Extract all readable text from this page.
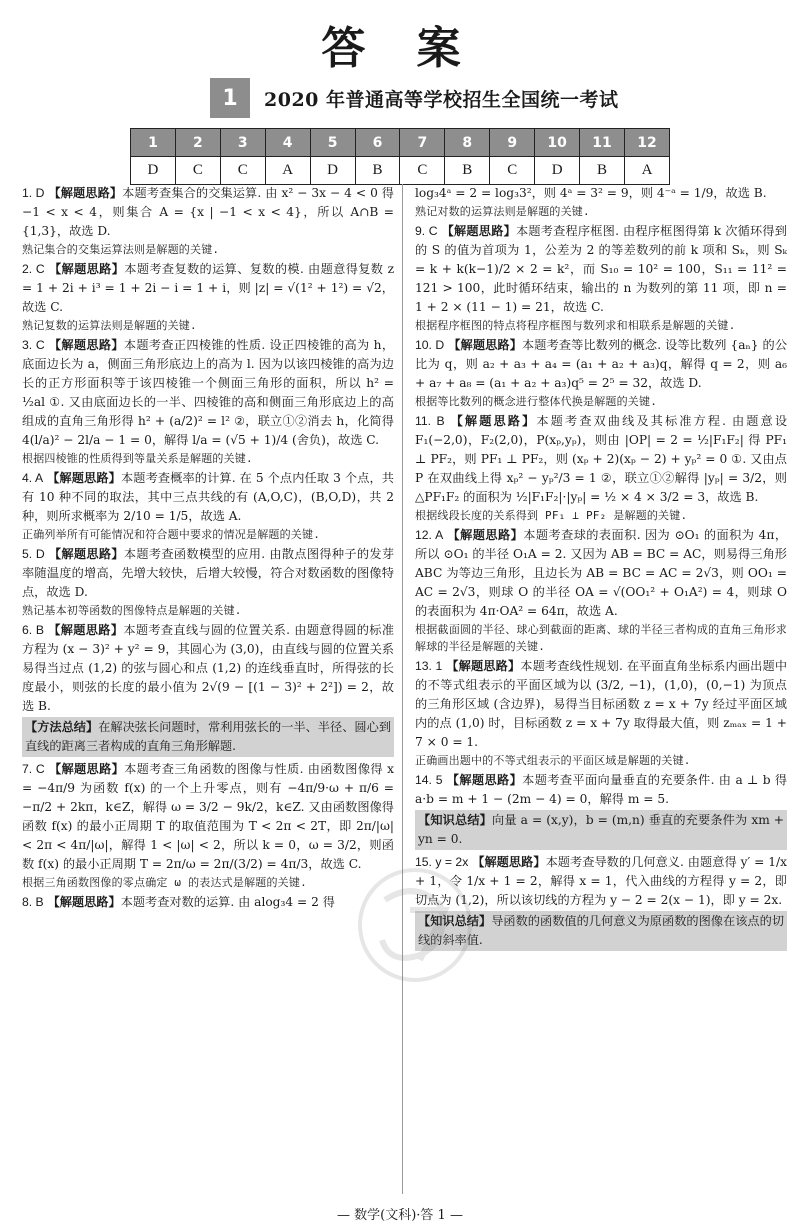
答 案
1	2020 年普通高等学校招生全国统一考试
1	2	3	4	5	6	7	8	9	10	11	12
D	C	C	A	D	B	C	B	C	D	B	A
1. D 【解题思路】本题考查集合的交集运算. 由 x² − 3x − 4 < 0 得 −1 < x < 4，则集合 A = {x | −1 < x < 4}，所以 A∩B = {1,3}，故选 D.
熟记集合的交集运算法则是解题的关键.
2. C 【解题思路】本题考查复数的运算、复数的模. 由题意得复数 z = 1 + 2i + i³ = 1 + 2i − i = 1 + i，则 |z| = √(1² + 1²) = √2，故选 C.
熟记复数的运算法则是解题的关键.
3. C 【解题思路】本题考查正四棱锥的性质. 设正四棱锥的高为 h，底面边长为 a，侧面三角形底边上的高为 l. 因为以该四棱锥的高为边长的正方形面积等于该四棱锥一个侧面三角形的面积，所以 h² = ½al ①. 又由底面边长的一半、四棱锥的高和侧面三角形底边上的高组成的直角三角形得 h² + (a/2)² = l² ②，联立①②消去 h，化简得 4(l/a)² − 2l/a − 1 = 0，解得 l/a = (√5 + 1)/4 (舍负)，故选 C.
根据四棱锥的性质得到等量关系是解题的关键.
4. A 【解题思路】本题考查概率的计算. 在 5 个点内任取 3 个点，共有 10 种不同的取法，其中三点共线的有 (A,O,C)，(B,O,D)，共 2 种，则所求概率为 2/10 = 1/5，故选 A.
正确列举所有可能情况和符合题中要求的情况是解题的关键.
5. D 【解题思路】本题考查函数模型的应用. 由散点图得种子的发芽率随温度的增高，先增大较快，后增大较慢，符合对数函数的图像特点，故选 D.
熟记基本初等函数的图像特点是解题的关键.
6. B 【解题思路】本题考查直线与圆的位置关系. 由题意得圆的标准方程为 (x − 3)² + y² = 9，其圆心为 (3,0)，由直线与圆的位置关系易得当过点 (1,2) 的弦与圆心和点 (1,2) 的连线垂直时，所得弦的长度最小，则弦的长度的最小值为 2√(9 − [(1 − 3)² + 2²]) = 2，故选 B.
【方法总结】在解决弦长问题时，常利用弦长的一半、半径、圆心到直线的距离三者构成的直角三角形解题.
7. C 【解题思路】本题考查三角函数的图像与性质. 由函数图像得 x = −4π/9 为函数 f(x) 的一个上升零点，则有 −4π/9·ω + π/6 = −π/2 + 2kπ，k∈Z，解得 ω = 3/2 − 9k/2，k∈Z. 又由函数图像得函数 f(x) 的最小正周期 T 的取值范围为 T < 2π < 2T，即 2π/|ω| < 2π < 4π/|ω|，解得 1 < |ω| < 2，所以 k = 0，ω = 3/2，则函数 f(x) 的最小正周期 T = 2π/ω = 2π/(3/2) = 4π/3，故选 C.
根据三角函数图像的零点确定 ω 的表达式是解题的关键.
8. B 【解题思路】本题考查对数的运算. 由 alog₃4 = 2 得
log₃4ᵃ = 2 = log₃3²，则 4ᵃ = 3² = 9，则 4⁻ᵃ = 1/9，故选 B.
熟记对数的运算法则是解题的关键.
9. C 【解题思路】本题考查程序框图. 由程序框图得第 k 次循环得到的 S 的值为首项为 1，公差为 2 的等差数列的前 k 项和 Sₖ，则 Sₖ = k + k(k−1)/2 × 2 = k²，而 S₁₀ = 10² = 100，S₁₁ = 11² = 121 > 100，此时循环结束，输出的 n 为数列的第 11 项，即 n = 1 + 2 × (11 − 1) = 21，故选 C.
根据程序框图的特点将程序框图与数列求和相联系是解题的关键.
10. D 【解题思路】本题考查等比数列的概念. 设等比数列 {aₙ} 的公比为 q，则 a₂ + a₃ + a₄ = (a₁ + a₂ + a₃)q，解得 q = 2，则 a₆ + a₇ + a₈ = (a₁ + a₂ + a₃)q⁵ = 2⁵ = 32，故选 D.
根据等比数列的概念进行整体代换是解题的关键.
11. B 【解题思路】本题考查双曲线及其标准方程. 由题意设 F₁(−2,0)，F₂(2,0)，P(xₚ,yₚ)，则由 |OP| = 2 = ½|F₁F₂| 得 PF₁ ⊥ PF₂，则 PF₁ ⊥ PF₂，则 (xₚ + 2)(xₚ − 2) + yₚ² = 0 ①. 又由点 P 在双曲线上得 xₚ² − yₚ²/3 = 1 ②，联立①②解得 |yₚ| = 3/2，则 △PF₁F₂ 的面积为 ½|F₁F₂|·|yₚ| = ½ × 4 × 3/2 = 3，故选 B.
根据线段长度的关系得到 PF₁ ⊥ PF₂ 是解题的关键.
12. A 【解题思路】本题考查球的表面积. 因为 ⊙O₁ 的面积为 4π，所以 ⊙O₁ 的半径 O₁A = 2. 又因为 AB = BC = AC，则易得三角形 ABC 为等边三角形，且边长为 AB = BC = AC = 2√3，则 OO₁ = AC = 2√3，则球 O 的半径 OA = √(OO₁² + O₁A²) = 4，则球 O 的表面积为 4π·OA² = 64π，故选 A.
根据截面圆的半径、球心到截面的距离、球的半径三者构成的直角三角形求解球的半径是解题的关键.
13. 1 【解题思路】本题考查线性规划. 在平面直角坐标系内画出题中的不等式组表示的平面区域为以 (3/2, −1)，(1,0)，(0,−1) 为顶点的三角形区域 (含边界)，易得当目标函数 z = x + 7y 经过平面区域内的点 (1,0) 时，目标函数 z = x + 7y 取得最大值，则 zₘₐₓ = 1 + 7 × 0 = 1.
正确画出题中的不等式组表示的平面区域是解题的关键.
14. 5 【解题思路】本题考查平面向量垂直的充要条件. 由 a ⊥ b 得 a·b = m + 1 − (2m − 4) = 0，解得 m = 5.
【知识总结】向量 a = (x,y)，b = (m,n) 垂直的充要条件为 xm + yn = 0.
15. y = 2x 【解题思路】本题考查导数的几何意义. 由题意得 y′ = 1/x + 1，令 1/x + 1 = 2，解得 x = 1，代入曲线的方程得 y = 2，即切点为 (1,2)，所以该切线的方程为 y − 2 = 2(x − 1)，即 y = 2x.
【知识总结】导函数的函数值的几何意义为原函数的图像在该点的切线的斜率值.
— 数学(文科)·答 1 —
